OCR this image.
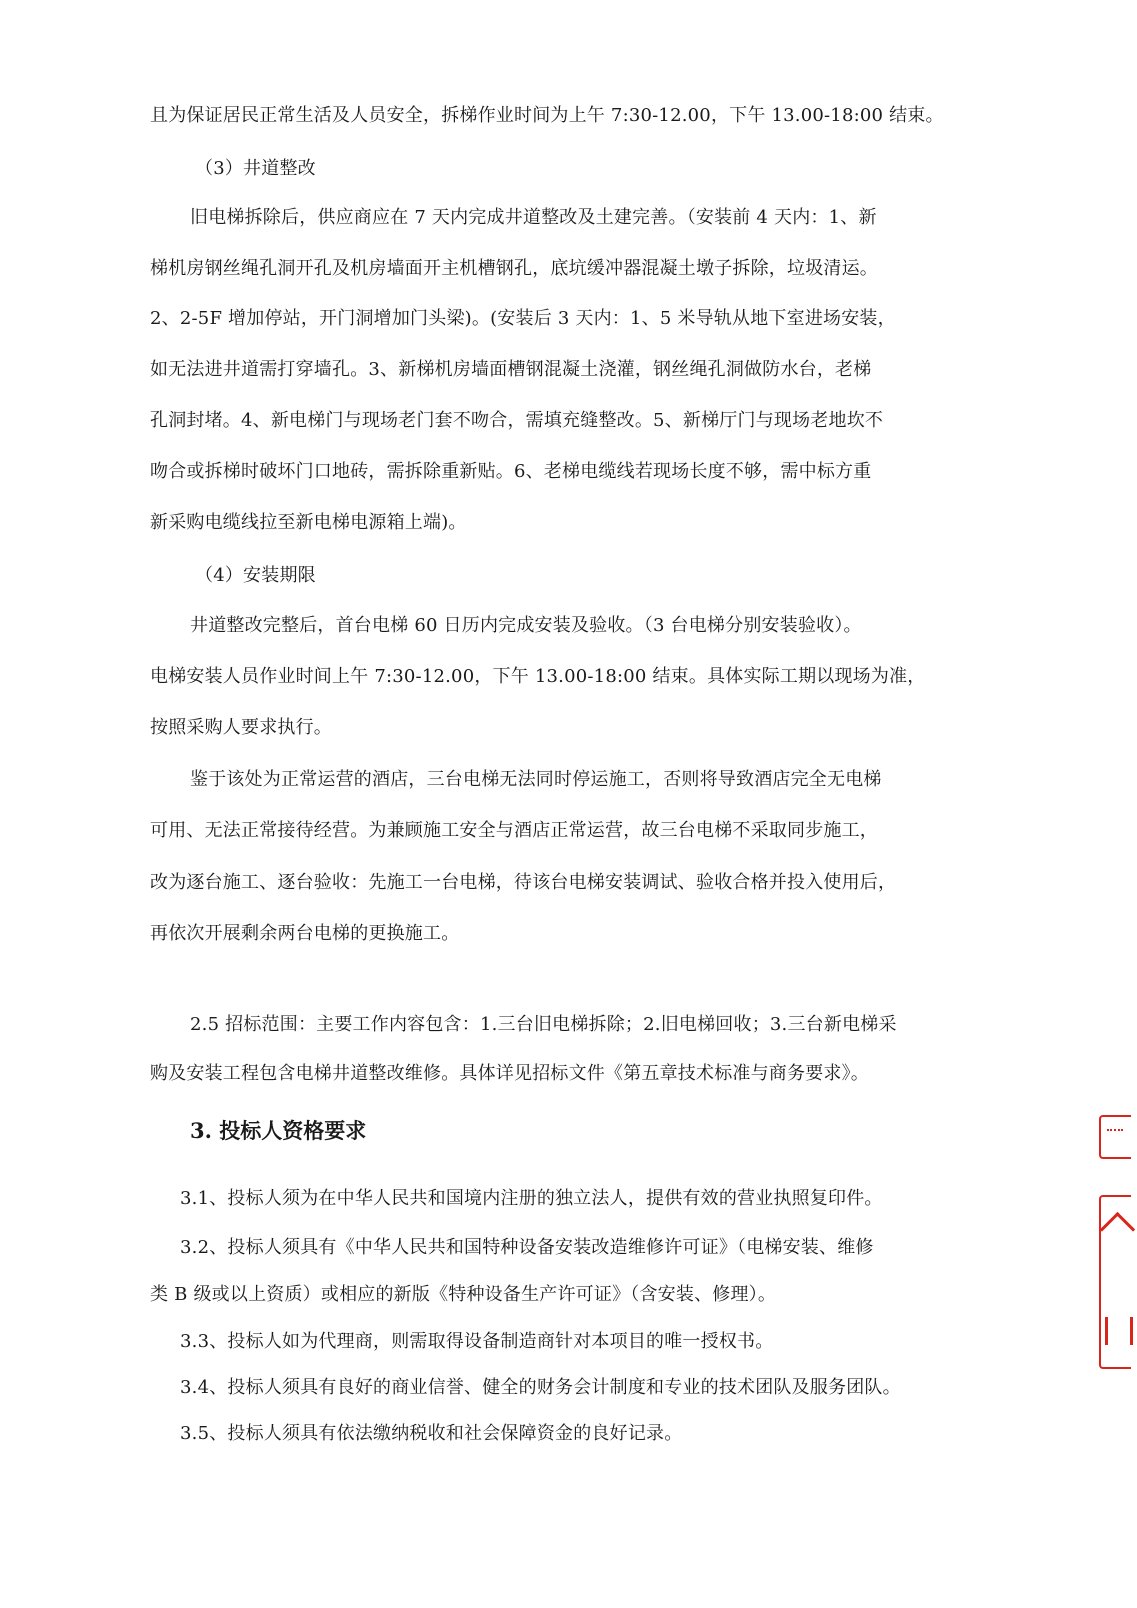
且为保证居民正常生活及人员安全，拆梯作业时间为上午 7:30-12.00，下午 13.00-18:00 结束。
（3）井道整改
旧电梯拆除后，供应商应在 7 天内完成井道整改及土建完善。（安装前 4 天内：1、新
梯机房钢丝绳孔洞开孔及机房墙面开主机槽钢孔，底坑缓冲器混凝土墩子拆除，垃圾清运。
2、2-5F 增加停站，开门洞增加门头梁)。(安装后 3 天内：1、5 米导轨从地下室进场安装，
如无法进井道需打穿墙孔。3、新梯机房墙面槽钢混凝土浇灌，钢丝绳孔洞做防水台，老梯
孔洞封堵。4、新电梯门与现场老门套不吻合，需填充缝整改。5、新梯厅门与现场老地坎不
吻合或拆梯时破坏门口地砖，需拆除重新贴。6、老梯电缆线若现场长度不够，需中标方重
新采购电缆线拉至新电梯电源箱上端)。
（4）安装期限
井道整改完整后，首台电梯 60 日历内完成安装及验收。（3 台电梯分别安装验收）。
电梯安装人员作业时间上午 7:30-12.00，下午 13.00-18:00 结束。具体实际工期以现场为准，
按照采购人要求执行。
鉴于该处为正常运营的酒店，三台电梯无法同时停运施工，否则将导致酒店完全无电梯
可用、无法正常接待经营。为兼顾施工安全与酒店正常运营，故三台电梯不采取同步施工，
改为逐台施工、逐台验收：先施工一台电梯，待该台电梯安装调试、验收合格并投入使用后，
再依次开展剩余两台电梯的更换施工。
2.5 招标范围：主要工作内容包含：1.三台旧电梯拆除；2.旧电梯回收；3.三台新电梯采
购及安装工程包含电梯井道整改维修。具体详见招标文件《第五章技术标准与商务要求》。
3. 投标人资格要求
3.1、投标人须为在中华人民共和国境内注册的独立法人，提供有效的营业执照复印件。
3.2、投标人须具有《中华人民共和国特种设备安装改造维修许可证》（电梯安装、维修
类 B 级或以上资质）或相应的新版《特种设备生产许可证》（含安装、修理）。
3.3、投标人如为代理商，则需取得设备制造商针对本项目的唯一授权书。
3.4、投标人须具有良好的商业信誉、健全的财务会计制度和专业的技术团队及服务团队。
3.5、投标人须具有依法缴纳税收和社会保障资金的良好记录。
